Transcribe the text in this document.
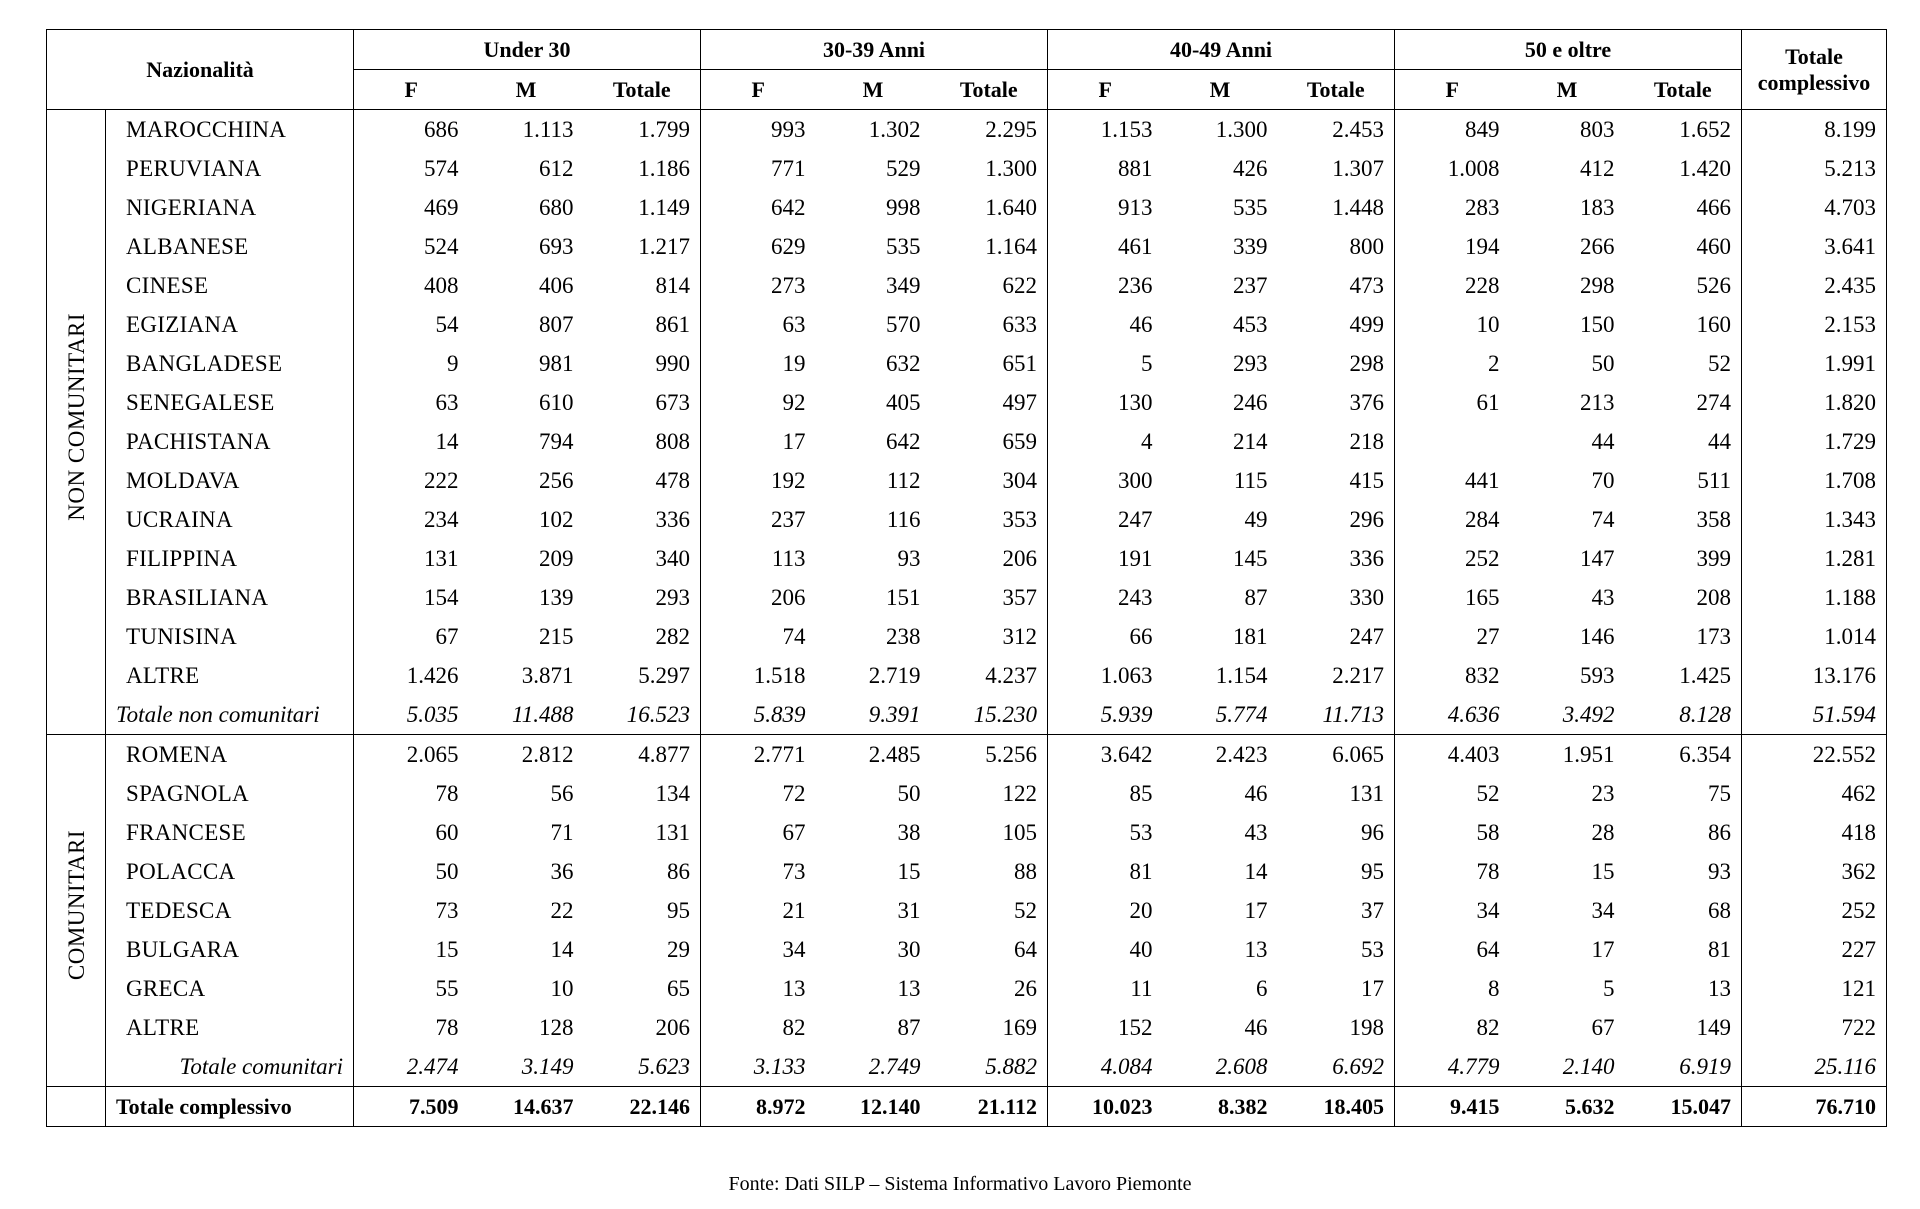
Nazionalità		Under 30			30-39 Anni			40-49 Anni			50 e oltre			Totale
complessivo
		F	M	Totale	F	M	Totale	F	M	Totale	F	M	Totale	
NON COMUNITARI	MAROCCHINA	686	1.113	1.799	993	1.302	2.295	1.153	1.300	2.453	849	803	1.652	8.199
	PERUVIANA	574	612	1.186	771	529	1.300	881	426	1.307	1.008	412	1.420	5.213
	NIGERIANA	469	680	1.149	642	998	1.640	913	535	1.448	283	183	466	4.703
	ALBANESE	524	693	1.217	629	535	1.164	461	339	800	194	266	460	3.641
	CINESE	408	406	814	273	349	622	236	237	473	228	298	526	2.435
	EGIZIANA	54	807	861	63	570	633	46	453	499	10	150	160	2.153
	BANGLADESE	9	981	990	19	632	651	5	293	298	2	50	52	1.991
	SENEGALESE	63	610	673	92	405	497	130	246	376	61	213	274	1.820
	PACHISTANA	14	794	808	17	642	659	4	214	218		44	44	1.729
	MOLDAVA	222	256	478	192	112	304	300	115	415	441	70	511	1.708
	UCRAINA	234	102	336	237	116	353	247	49	296	284	74	358	1.343
	FILIPPINA	131	209	340	113	93	206	191	145	336	252	147	399	1.281
	BRASILIANA	154	139	293	206	151	357	243	87	330	165	43	208	1.188
	TUNISINA	67	215	282	74	238	312	66	181	247	27	146	173	1.014
	ALTRE	1.426	3.871	5.297	1.518	2.719	4.237	1.063	1.154	2.217	832	593	1.425	13.176
	Totale non comunitari	5.035	11.488	16.523	5.839	9.391	15.230	5.939	5.774	11.713	4.636	3.492	8.128	51.594
COMUNITARI	ROMENA	2.065	2.812	4.877	2.771	2.485	5.256	3.642	2.423	6.065	4.403	1.951	6.354	22.552
	SPAGNOLA	78	56	134	72	50	122	85	46	131	52	23	75	462
	FRANCESE	60	71	131	67	38	105	53	43	96	58	28	86	418
	POLACCA	50	36	86	73	15	88	81	14	95	78	15	93	362
	TEDESCA	73	22	95	21	31	52	20	17	37	34	34	68	252
	BULGARA	15	14	29	34	30	64	40	13	53	64	17	81	227
	GRECA	55	10	65	13	13	26	11	6	17	8	5	13	121
	ALTRE	78	128	206	82	87	169	152	46	198	82	67	149	722
	Totale comunitari	2.474	3.149	5.623	3.133	2.749	5.882	4.084	2.608	6.692	4.779	2.140	6.919	25.116
	Totale complessivo	7.509	14.637	22.146	8.972	12.140	21.112	10.023	8.382	18.405	9.415	5.632	15.047	76.710
Fonte: Dati SILP – Sistema Informativo Lavoro Piemonte
